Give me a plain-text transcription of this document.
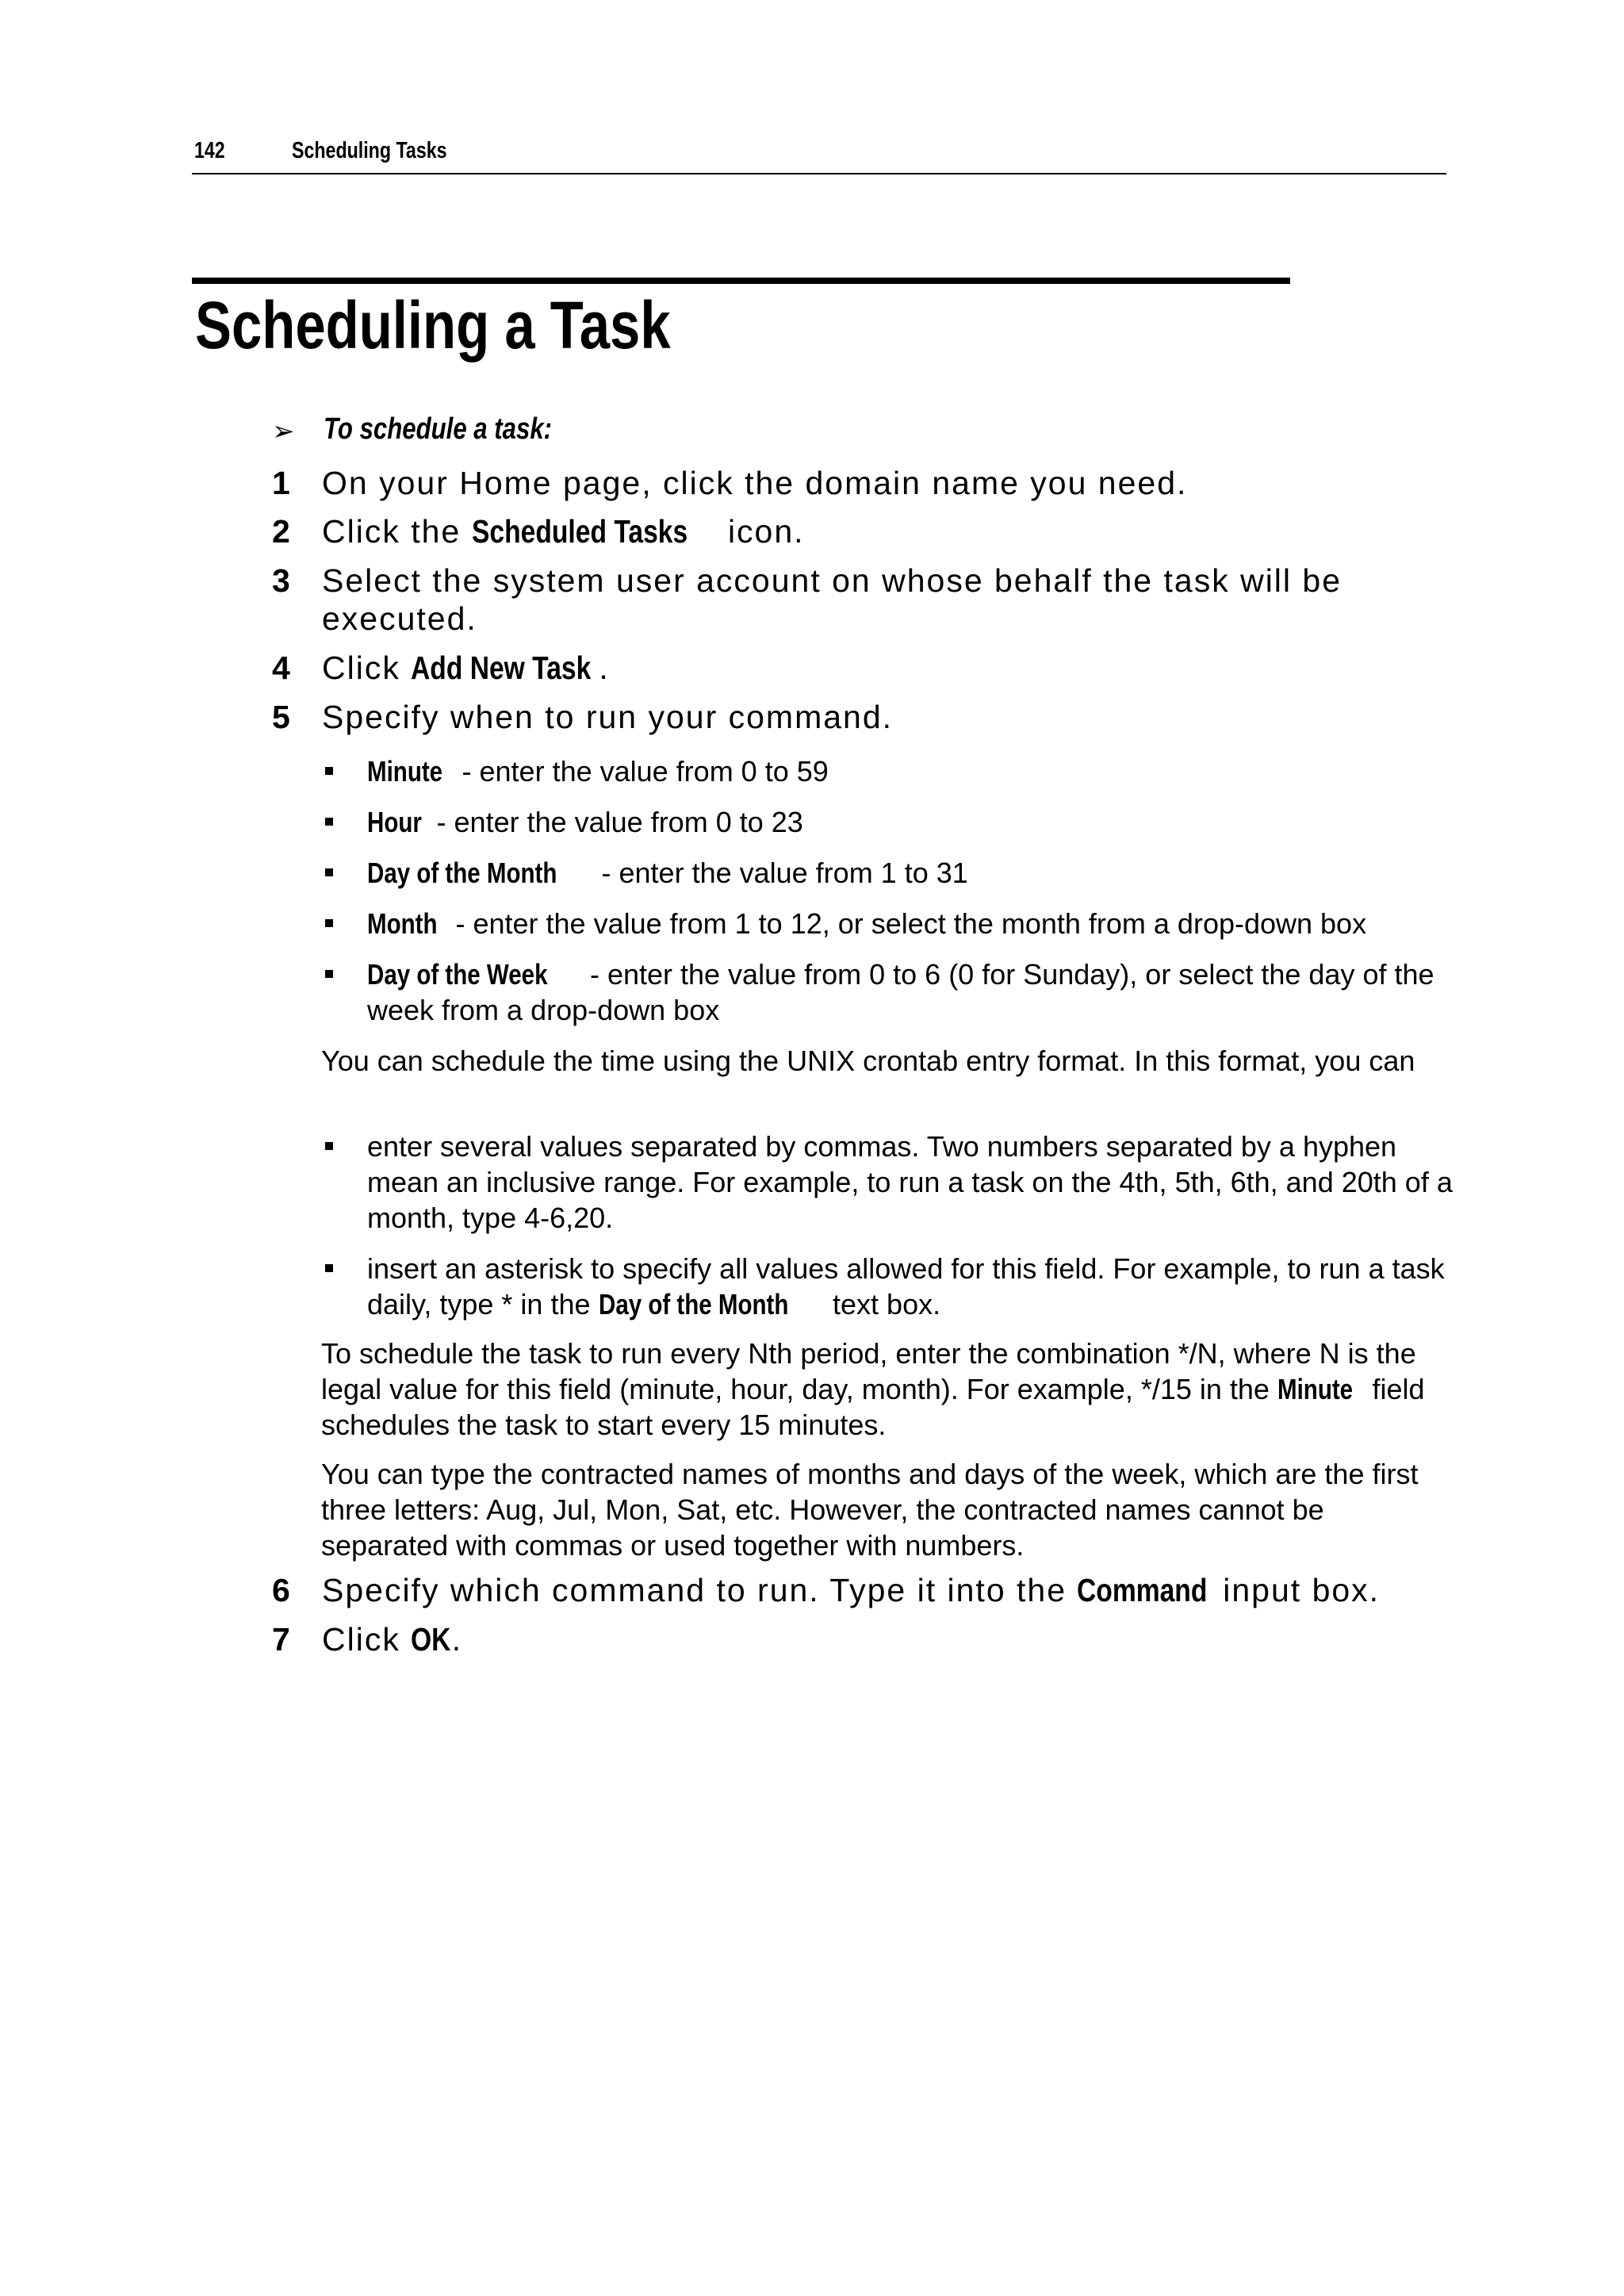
142	Scheduling Tasks
Scheduling a Task
➢ To schedule a task:
1 On your Home page, click the domain name you need.
2 Click the Scheduled Tasks icon.
3 Select the system user account on whose behalf the task will be
executed.
4 Click Add New Task .
5 Specify when to run your command.
Minute - enter the value from 0 to 59
Hour - enter the value from 0 to 23
Day of the Month - enter the value from 1 to 31
Month - enter the value from 1 to 12, or select the month from a drop-down box
Day of the Week - enter the value from 0 to 6 (0 for Sunday), or select the day of the week from a drop-down box

You can schedule the time using the UNIX crontab entry format. In this format, you can

enter several values separated by commas. Two numbers separated by a hyphen mean an inclusive range. For example, to run a task on the 4th, 5th, 6th, and 20th of a month, type 4-6,20.
insert an asterisk to specify all values allowed for this field. For example, to run a task daily, type * in the Day of the Month text box.

To schedule the task to run every Nth period, enter the combination */N, where N is the legal value for this field (minute, hour, day, month). For example, */15 in the Minute field schedules the task to start every 15 minutes.

You can type the contracted names of months and days of the week, which are the first three letters: Aug, Jul, Mon, Sat, etc. However, the contracted names cannot be separated with commas or used together with numbers.

6 Specify which command to run. Type it into the Command input box.
7 Click OK.
